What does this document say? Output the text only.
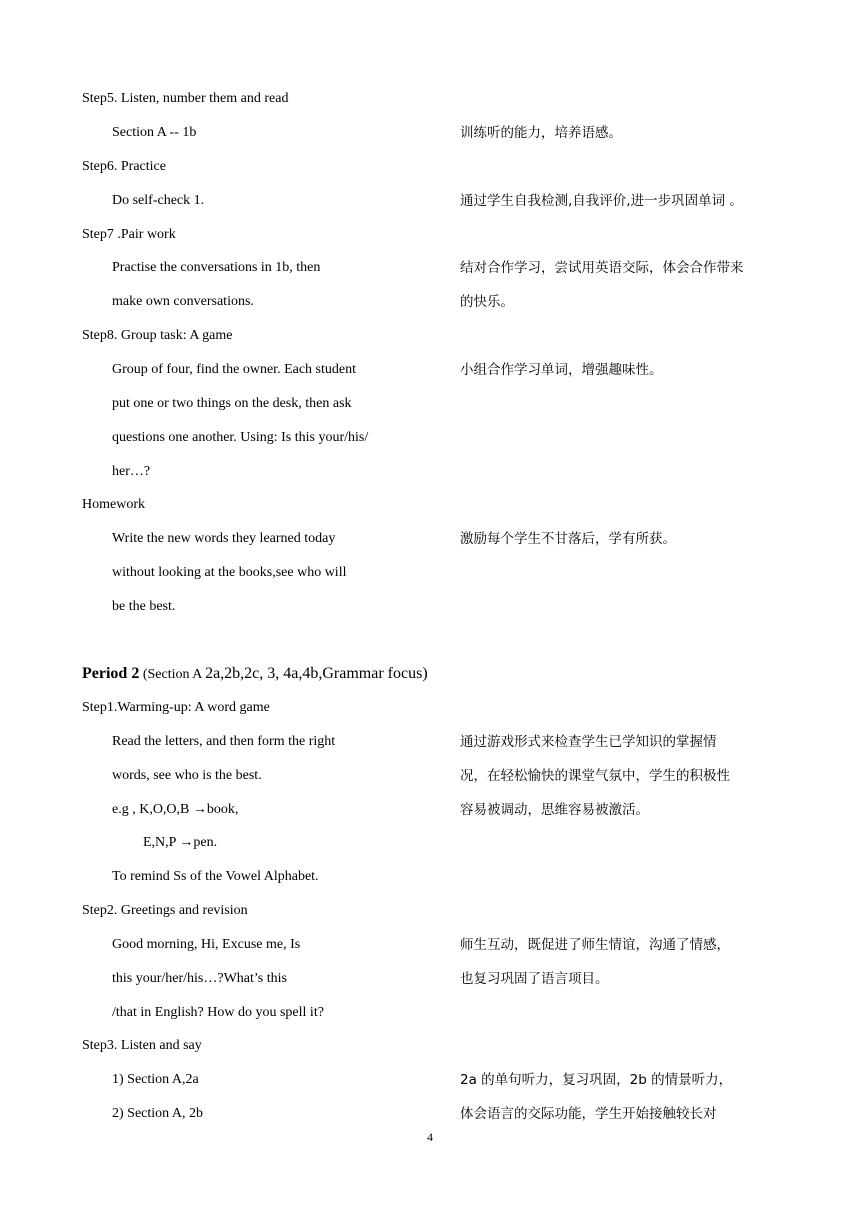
Step5. Listen, number them and read
Section A -- 1b
Step6. Practice
Do self-check 1.
Step7 .Pair work
Practise the conversations in 1b, then
make own conversations.
Step8. Group task: A game
Group of four, find the owner. Each student
put one or two things on the desk, then ask
questions one another. Using: Is this your/his/
her…?
Homework
Write the new words they learned today
without looking at the books,see who will
be the best.
Step1.Warming-up: A word game
Read the letters, and then form the right
words, see who is the best.
e.g , K,O,O,B →book,
E,N,P →pen.
To remind Ss of the Vowel Alphabet.
Step2. Greetings and revision
Good morning, Hi, Excuse me, Is
this your/her/his…?What’s this
/that in English? How do you spell it?
Step3. Listen and say
1) Section A,2a
2) Section A, 2b
训练听的能力，培养语感。
通过学生自我检测,自我评价,进一步巩固单词 。
结对合作学习，尝试用英语交际，体会合作带来
的快乐。
小组合作学习单词，增强趣味性。
激励每个学生不甘落后，学有所获。
通过游戏形式来检查学生已学知识的掌握情
况，在轻松愉快的课堂气氛中，学生的积极性
容易被调动，思维容易被激活。
师生互动，既促进了师生情谊，沟通了情感，
也复习巩固了语言项目。
2a 的单句听力，复习巩固，2b 的情景听力，
体会语言的交际功能，学生开始接触较长对
Period 2 (Section A 2a,2b,2c, 3, 4a,4b,Grammar focus)
4
